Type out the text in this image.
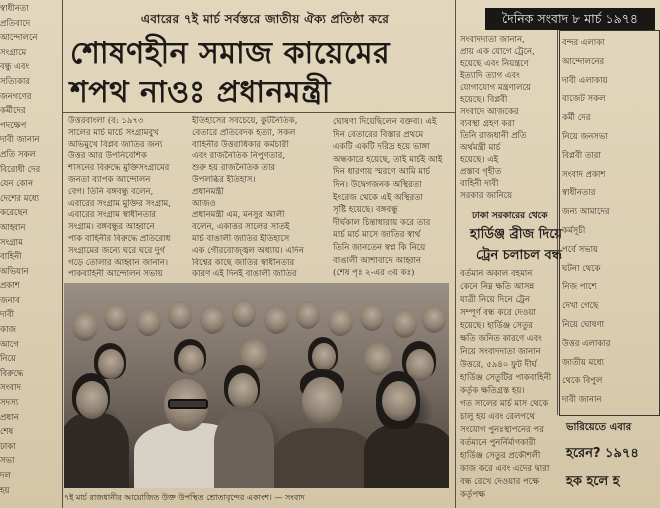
দৈনিক সংবাদ ৮ মার্চ ১৯৭৪
এবারের ৭ই মার্চ সর্বস্তরে জাতীয় ঐক্য প্রতিষ্ঠা করে
শোষণহীন সমাজ কায়েমের
শপথ নাওঃ প্রধানমন্ত্রী
স্বাধীনতা
প্রতিবাদে
আন্দোলনে
সংগ্রামে
বন্ধু এবং
সত্যিকার
জনগণের
কর্মীদের
পদক্ষেপ
দাবী জানান
প্রতি সকল
বিরোধী দের
যেন কোন
দেশের মধ্যে
করেছেন
আহ্বান
সংগ্রাম
বাহিনী
অভিযান
প্রকাশ
জনাব
দাবী
কাজ
আগে
নিয়ে
বিরুদ্ধে
সংবাদ
সদস্য
প্রধান
শেষ
ঢাকা
সভা
দল
হয়
উত্তরবাংলা (ব: ১৯৭৩
সালের মার্চ মার্চে সংগ্রামবুখ
অভিমুখে বিপ্লব জাতির জন্য
উত্তর আর উপনিবেশিক
শাসনের বিরুদ্ধে মুক্তিসংগ্রামের
জনতা ব্যাপক আন্দোলন
বেগ। তিনি বঙ্গবন্ধু বলেন,
এবারের সংগ্রাম মুক্তির সংগ্রাম,
এবারের সংগ্রাম স্বাধীনতার
সংগ্রাম। বঙ্গবন্ধুর আহ্বানে
পাক বাহিনীর বিরুদ্ধে প্রতিরোধ
সংগ্রামের জন্যে ঘরে ঘরে দুর্গ
গড়ে তোলার আহ্বান জানান।
পাকবাহিনী আন্দোলন সভায়
ইতিহাসের সবচেয়ে, কুটনৈতিক,
বেতারে প্রতিবেদক হত্যা, সকল
বাহিনীর উত্তরাধিকার কর্মচারী
এবং রাজনৈতিক নিপুণতার,
শুরু হয় রাজনৈতিক তার
উপলব্ধির ইতিহাস।
প্রধানমন্ত্রী
আজও
প্রধানমন্ত্রী এম, মনসুর আলী
বলেন, একাত্তর সালের সাতই
মার্চ বাঙালী জাতির ইতিহাসে
এক গৌরবোজ্জ্বল অধ্যায়। এদিন
বিশ্বের কাছে জাতির স্বাধীনতার
কারণ এই দিনই বাঙালী জাতির
ঘোষণা দিয়েছিলেন বক্তব্য। এই
দিন বেতারের বিস্তার প্রথমে
একটি একটি দরিদ্র হয়ে ভাঙ্গা
অন্ধকারে হয়েছে, তাই মার্চই আই
দিন ধারণায় স্মরণে আমি মার্চ
দিন। উদ্বেগজনক অস্থিরতা
ইংরেজ থেকে এই অস্থিরতা
সৃষ্টি হয়েছে। বঙ্গবন্ধু
দীর্ঘকাল চিন্তাধারায় করে তার
মার্চ মার্চ মাসে জাতির স্বার্থ
তিনি জানতেন স্বপ্ন কি নিয়ে
বাঙালী আশাবাদে আহ্বান
(শেষ পৃঃ ২-এর ৩য় কঃ)
৭ই মার্চ রাজধানীর আয়োজিত উক্ত উপস্থিত শ্রোতাবৃন্দের একাংশ। — সংবাদ
সংবাদদাতা জানান,
প্রায় এক যোগে ট্রেনে,
হয়েছে এবং নিয়ন্ত্রণে
ইত্যাদি ত্যাগ এবং
যোগাযোগ মন্ত্রণালয়ে
হয়েছে। বিপ্লবী
সংবাদে আজকের
ব্যবস্থা গ্রহণ করা
তিনি রাজধানী প্রতি
অর্থমন্ত্রী মার্চ
হয়েছে। এই
প্রস্তাব গৃহীত
বাহিনী দাবী
সরকার জানিয়ে
ঢাকা সরকারের থেকে
হার্ডিঞ্জ ব্রীজ দিয়ে
ট্রেন চলাচল বন্ধ
বর্তমান অকাল বহমান
কেনে নিম্ন ক্ষতি আসন্ন
যাত্রী নিয়ে দিনে ট্রেন
সম্পূর্ণ বন্ধ করে দেওয়া
হয়েছে। হার্ডিঞ্জ সেতুর
ক্ষতি জনিত কারণে এবং
নিয়ে সংবাদদাতা জানান
উত্তরে, ৫৯৪০ ফুট দীর্ঘ
হার্ডিঞ্জ সেতুটির পাকবাহিনী
কর্তৃক ক্ষতিগ্রস্ত হয়।
গত সালের মার্চ মাস থেকে
চালু হয় এবং রেলপথে
সংযোগ পুনঃস্থাপনের পর
বর্তমানে পুনর্নির্মাণকারী
হার্ডিঞ্জ সেতুর প্রকৌশলী
কাজ করে এবং এদের দ্বারা
বন্ধ রেখে দেওয়ার পক্ষে
কর্তৃপক্ষ
বন্দর এলাকা
আন্দোলনের
দাবী এলাকায়
বাজেট সকল
কর্মী দের
নিয়ে জনসভা
বিপ্লবী তারা
সংবাদ প্রকাশ
স্বাধীনতার
জন্য আমাদের
কর্মসূচী
পর্বে সভায়
ঘটনা থেকে
নিজ পাশে
দেখা গেছে
নিয়ে ঘোষণা
উত্তর এলাকার
জাতীয় মধ্যে
থেকে বিপুল
দাবী জানান
ভারিয়েতে এবার
হরেন? ১৯৭৪
হক হলে হ
